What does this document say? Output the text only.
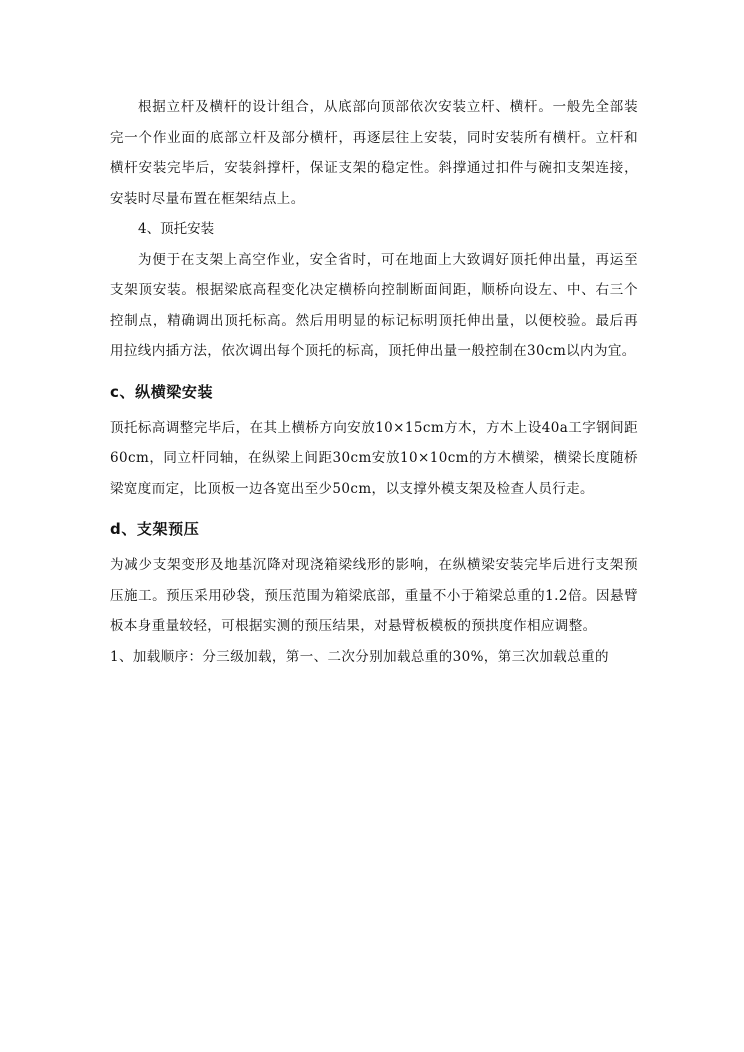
根据立杆及横杆的设计组合，从底部向顶部依次安装立杆、横杆。一般先全部装完一个作业面的底部立杆及部分横杆，再逐层往上安装，同时安装所有横杆。立杆和横杆安装完毕后，安装斜撑杆，保证支架的稳定性。斜撑通过扣件与碗扣支架连接，安装时尽量布置在框架结点上。

4、顶托安装

为便于在支架上高空作业，安全省时，可在地面上大致调好顶托伸出量，再运至支架顶安装。根据梁底高程变化决定横桥向控制断面间距，顺桥向设左、中、右三个控制点，精确调出顶托标高。然后用明显的标记标明顶托伸出量，以便校验。最后再用拉线内插方法，依次调出每个顶托的标高，顶托伸出量一般控制在30cm以内为宜。

c、纵横梁安装

顶托标高调整完毕后，在其上横桥方向安放10×15cm方木，方木上设40a工字钢间距60cm，同立杆同轴，在纵梁上间距30cm安放10×10cm的方木横梁，横梁长度随桥梁宽度而定，比顶板一边各宽出至少50cm，以支撑外模支架及检查人员行走。

d、支架预压

为减少支架变形及地基沉降对现浇箱梁线形的影响，在纵横梁安装完毕后进行支架预压施工。预压采用砂袋，预压范围为箱梁底部，重量不小于箱梁总重的1.2倍。因悬臂板本身重量较轻，可根据实测的预压结果，对悬臂板模板的预拱度作相应调整。

1、加载顺序：分三级加载，第一、二次分别加载总重的30%，第三次加载总重的
